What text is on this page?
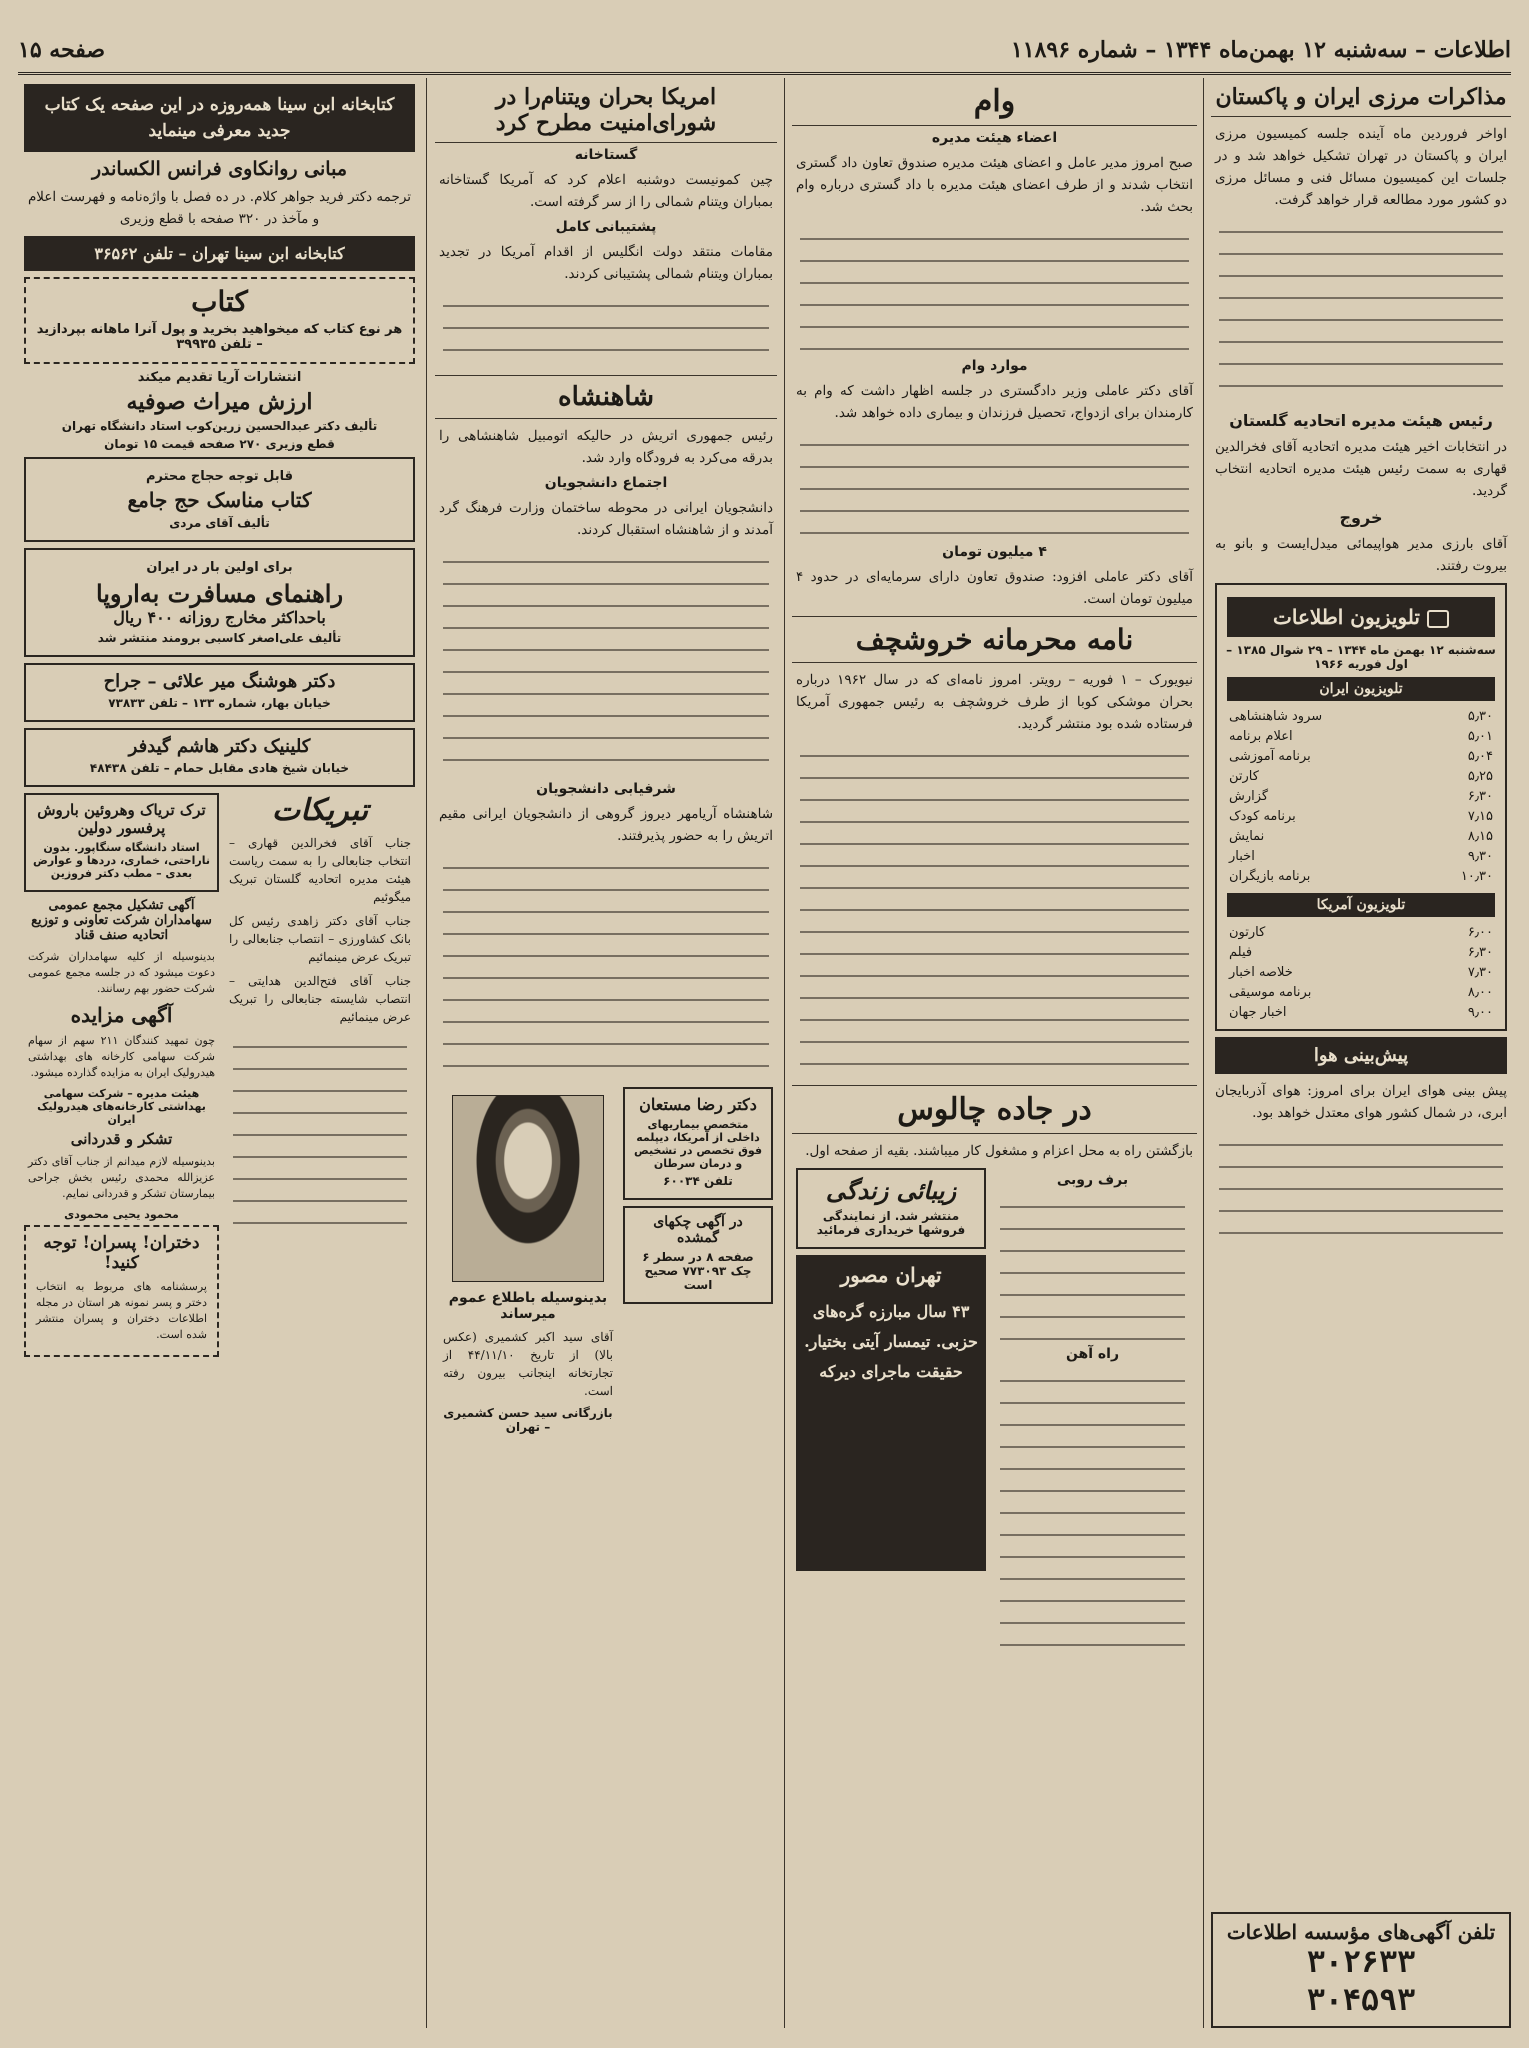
اطلاعات – سه‌شنبه ۱۲ بهمن‌ماه ۱۳۴۴ – شماره ۱۱۸۹۶
صفحه ۱۵
مذاکرات مرزی ایران و پاکستان

اواخر فروردین ماه آینده جلسه کمیسیون مرزی ایران و پاکستان در تهران تشکیل خواهد شد و در جلسات این کمیسیون مسائل فنی و مسائل مرزی دو کشور مورد مطالعه قرار خواهد گرفت.

رئیس هیئت مدیره اتحادیه گلستان

در انتخابات اخیر هیئت مدیره اتحادیه آقای فخرالدین قهاری به سمت رئیس هیئت مدیره اتحادیه انتخاب گردید.

خروج

آقای بارزی مدیر هواپیمائی میدل‌ایست و بانو به بیروت رفتند.

تلویزیون اطلاعات
سه‌شنبه ۱۲ بهمن ماه ۱۳۴۴ – ۲۹ شوال ۱۳۸۵ – اول فوریه ۱۹۶۶
تلویزیون ایران
۵٫۳۰
سرود شاهنشاهی
۵٫۰۱
اعلام برنامه
۵٫۰۴
برنامه آموزشی
۵٫۲۵
کارتن
۶٫۳۰
گزارش
۷٫۱۵
برنامه کودک
۸٫۱۵
نمایش
۹٫۳۰
اخبار
۱۰٫۳۰
برنامه بازیگران
تلویزیون آمریکا
۶٫۰۰
کارتون
۶٫۳۰
فیلم
۷٫۳۰
خلاصه اخبار
۸٫۰۰
برنامه موسیقی
۹٫۰۰
اخبار جهان
پیش‌بینی هوا

پیش بینی هوای ایران برای امروز: هوای آذربایجان ابری، در شمال کشور هوای معتدل خواهد بود.

تلفن آگهی‌های مؤسسه اطلاعات
۳۰۲۶۳۳
۳۰۴۵۹۳
وام
اعضاء هیئت مدیره

صبح امروز مدیر عامل و اعضای هیئت مدیره صندوق تعاون داد گستری انتخاب شدند و از طرف اعضای هیئت مدیره با داد گستری درباره وام بحث شد.

موارد وام

آقای دکتر عاملی وزیر دادگستری در جلسه اظهار داشت که وام به کارمندان برای ازدواج، تحصیل فرزندان و بیماری داده خواهد شد.

۴ میلیون تومان

آقای دکتر عاملی افزود: صندوق تعاون دارای سرمایه‌ای در حدود ۴ میلیون تومان است.

نامه محرمانه خروشچف

نیویورک – ۱ فوریه – رویتر. امروز نامه‌ای که در سال ۱۹۶۲ درباره بحران موشکی کوبا از طرف خروشچف به رئیس جمهوری آمریکا فرستاده شده بود منتشر گردید.

در جاده چالوس

بازگشتن راه به محل اعزام و مشغول کار میباشند. بقیه از صفحه اول.

برف روبی
راه آهن
زیبائی زندگی
منتشر شد. از نمایندگی فروشها خریداری فرمائید
تهران مصور
۴۳ سال مبارزه گره‌های حزبی. تیمسار آیتی بختیار. حقیقت ماجرای دیرکه
امریکا بحران ویتنام‌را در شورای‌امنیت مطرح کرد
گستاخانه

چین کمونیست دوشنبه اعلام کرد که آمریکا گستاخانه بمباران ویتنام شمالی را از سر گرفته است.

پشتیبانی کامل

مقامات منتقد دولت انگلیس از اقدام آمریکا در تجدید بمباران ویتنام شمالی پشتیبانی کردند.

شاهنشاه

رئیس جمهوری اتریش در حالیکه اتومبیل شاهنشاهی را بدرقه می‌کرد به فرودگاه وارد شد.

اجتماع دانشجویان

دانشجویان ایرانی در محوطه ساختمان وزارت فرهنگ گرد آمدند و از شاهنشاه استقبال کردند.

شرفیابی دانشجویان

شاهنشاه آریامهر دیروز گروهی از دانشجویان ایرانی مقیم اتریش را به حضور پذیرفتند.

دکتر رضا مستعان
متخصص بیماریهای داخلی از آمریکا، دیپلمه فوق تخصص در تشخیص و درمان سرطان
تلفن ۶۰۰۳۴
در آگهی چکهای گمشده
صفحه ۸ در سطر ۶ چک ۷۷۳۰۹۳ صحیح است
بدینوسیله باطلاع عموم میرساند

آقای سید اکبر کشمیری (عکس بالا) از تاریخ ۴۴/۱۱/۱۰ از تجارتخانه اینجانب بیرون رفته است.

بازرگانی سید حسن کشمیری – تهران
کتابخانه ابن سینا همه‌روزه در این صفحه یک کتاب جدید معرفی مینماید
مبانی روانکاوی فرانس الکساندر

ترجمه دکتر فرید جواهر کلام. در ده فصل با واژه‌نامه و فهرست اعلام و مآخذ در ۳۲۰ صفحه با قطع وزیری

کتابخانه ابن سینا تهران – تلفن ۳۶۵۶۲
کتاب
هر نوع کتاب که میخواهید بخرید و پول آنرا ماهانه بپردازید – تلفن ۳۹۹۳۵
انتشارات آریا تقدیم میکند
ارزش میراث صوفیه
تألیف دکتر عبدالحسین زرین‌کوب استاد دانشگاه تهران
قطع وزیری ۲۷۰ صفحه قیمت ۱۵ تومان
قابل توجه حجاج محترم
کتاب مناسک حج جامع
تألیف آقای مردی
برای اولین بار در ایران
راهنمای مسافرت به‌اروپا
باحداکثر مخارج روزانه ۴۰۰ ریال
تألیف علی‌اصغر کاسبی برومند منتشر شد
دکتر هوشنگ میر علائی – جراح
خیابان بهار، شماره ۱۳۳ – تلفن ۷۳۸۳۳
کلینیک دکتر هاشم گیدفر
خیابان شیخ هادی مقابل حمام – تلفن ۴۸۴۳۸
تبریکات

جناب آقای فخرالدین قهاری – انتخاب جنابعالی را به سمت ریاست هیئت مدیره اتحادیه گلستان تبریک میگوئیم

جناب آقای دکتر زاهدی رئیس کل بانک کشاورزی – انتصاب جنابعالی را تبریک عرض مینمائیم

جناب آقای فتح‌الدین هدایتی – انتصاب شایسته جنابعالی را تبریک عرض مینمائیم

ترک تریاک وهروئین باروش پرفسور دولین
استاد دانشگاه سنگاپور. بدون ناراحتی، خماری، دردها و عوارض بعدی – مطب دکتر فروزین
آگهی تشکیل مجمع عمومی سهامداران شرکت تعاونی و توزیع اتحادیه صنف قناد

بدینوسیله از کلیه سهامداران شرکت دعوت میشود که در جلسه مجمع عمومی شرکت حضور بهم رسانند.

آگهی مزایده

چون تمهید کنندگان ۲۱۱ سهم از سهام شرکت سهامی کارخانه های بهداشتی هیدرولیک ایران به مزایده گذارده میشود.

هیئت مدیره – شرکت سهامی بهداشتی کارخانه‌های هیدرولیک ایران
تشکر و قدردانی

بدینوسیله لازم میدانم از جناب آقای دکتر عزیزالله محمدی رئیس بخش جراحی بیمارستان تشکر و قدردانی نمایم.

محمود یحیی محمودی
دختران! پسران! توجه کنید!

پرسشنامه های مربوط به انتخاب دختر و پسر نمونه هر استان در مجله اطلاعات دختران و پسران منتشر شده است.
